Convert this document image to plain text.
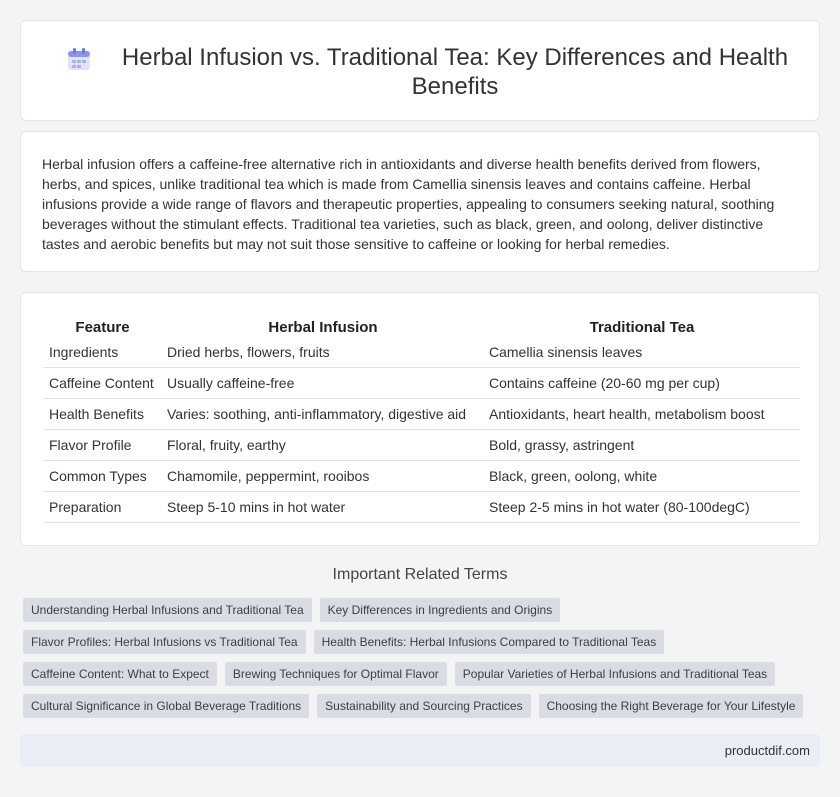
Herbal Infusion vs. Traditional Tea: Key Differences and Health Benefits

Herbal infusion offers a caffeine-free alternative rich in antioxidants and diverse health benefits derived from flowers, herbs, and spices, unlike traditional tea which is made from Camellia sinensis leaves and contains caffeine. Herbal infusions provide a wide range of flavors and therapeutic properties, appealing to consumers seeking natural, soothing beverages without the stimulant effects. Traditional tea varieties, such as black, green, and oolong, deliver distinctive tastes and aerobic benefits but may not suit those sensitive to caffeine or looking for herbal remedies.

Feature	Herbal Infusion	Traditional Tea
Ingredients	Dried herbs, flowers, fruits	Camellia sinensis leaves
Caffeine Content	Usually caffeine-free	Contains caffeine (20-60 mg per cup)
Health Benefits	Varies: soothing, anti-inflammatory, digestive aid	Antioxidants, heart health, metabolism boost
Flavor Profile	Floral, fruity, earthy	Bold, grassy, astringent
Common Types	Chamomile, peppermint, rooibos	Black, green, oolong, white
Preparation	Steep 5-10 mins in hot water	Steep 2-5 mins in hot water (80-100degC)
Important Related Terms
Understanding Herbal Infusions and Traditional Tea	Key Differences in Ingredients and Origins
Flavor Profiles: Herbal Infusions vs Traditional Tea	Health Benefits: Herbal Infusions Compared to Traditional Teas
Caffeine Content: What to Expect	Brewing Techniques for Optimal Flavor	Popular Varieties of Herbal Infusions and Traditional Teas
Cultural Significance in Global Beverage Traditions	Sustainability and Sourcing Practices	Choosing the Right Beverage for Your Lifestyle
productdif.com
